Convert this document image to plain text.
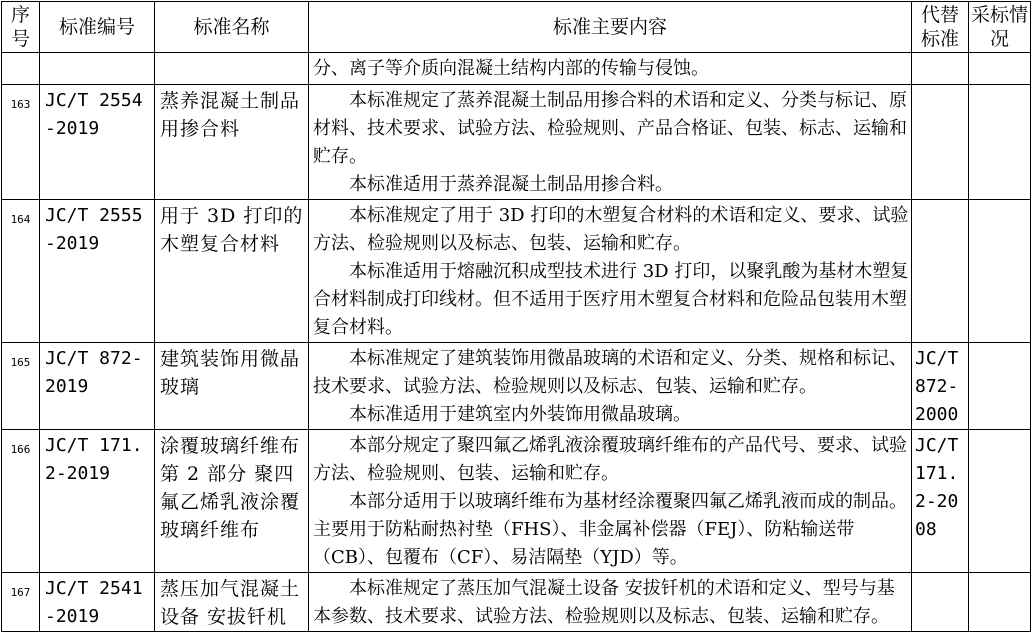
序号	标准编号	标准名称	标准主要内容	代替标准	采标情况

			分、离子等介质向混凝土结构内部的传输与侵蚀。		

163	JC/T 2554-2019	蒸养混凝土制品用掺合料	本标准规定了蒸养混凝土制品用掺合料的术语和定义、分类与标记、原材料、技术要求、试验方法、检验规则、产品合格证、包装、标志、运输和贮存。

本标准适用于蒸养混凝土制品用掺合料。		

164	JC/T 2555-2019	用于 3D 打印的木塑复合材料	本标准规定了用于 3D 打印的木塑复合材料的术语和定义、要求、试验方法、检验规则以及标志、包装、运输和贮存。

本标准适用于熔融沉积成型技术进行 3D 打印，以聚乳酸为基材木塑复合材料制成打印线材。但不适用于医疗用木塑复合材料和危险品包装用木塑复合材料。		

165	JC/T 872-2019	建筑装饰用微晶玻璃	本标准规定了建筑装饰用微晶玻璃的术语和定义、分类、规格和标记、技术要求、试验方法、检验规则以及标志、包装、运输和贮存。

本标准适用于建筑室内外装饰用微晶玻璃。	JC/T 872-2000	
166	JC/T 171.2-2019	涂覆玻璃纤维布 第 2 部分 聚四氟乙烯乳液涂覆玻璃纤维布	本部分规定了聚四氟乙烯乳液涂覆玻璃纤维布的产品代号、要求、试验方法、检验规则、包装、运输和贮存。

本部分适用于以玻璃纤维布为基材经涂覆聚四氟乙烯乳液而成的制品。主要用于防粘耐热衬垫（FHS）、非金属补偿器（FEJ）、防粘输送带（CB）、包覆布（CF）、易洁隔垫（YJD）等。	JC/T 171.2-2008	
167	JC/T 2541-2019	蒸压加气混凝土设备 安拔钎机	本标准规定了蒸压加气混凝土设备 安拔钎机的术语和定义、型号与基本参数、技术要求、试验方法、检验规则以及标志、包装、运输和贮存。		
